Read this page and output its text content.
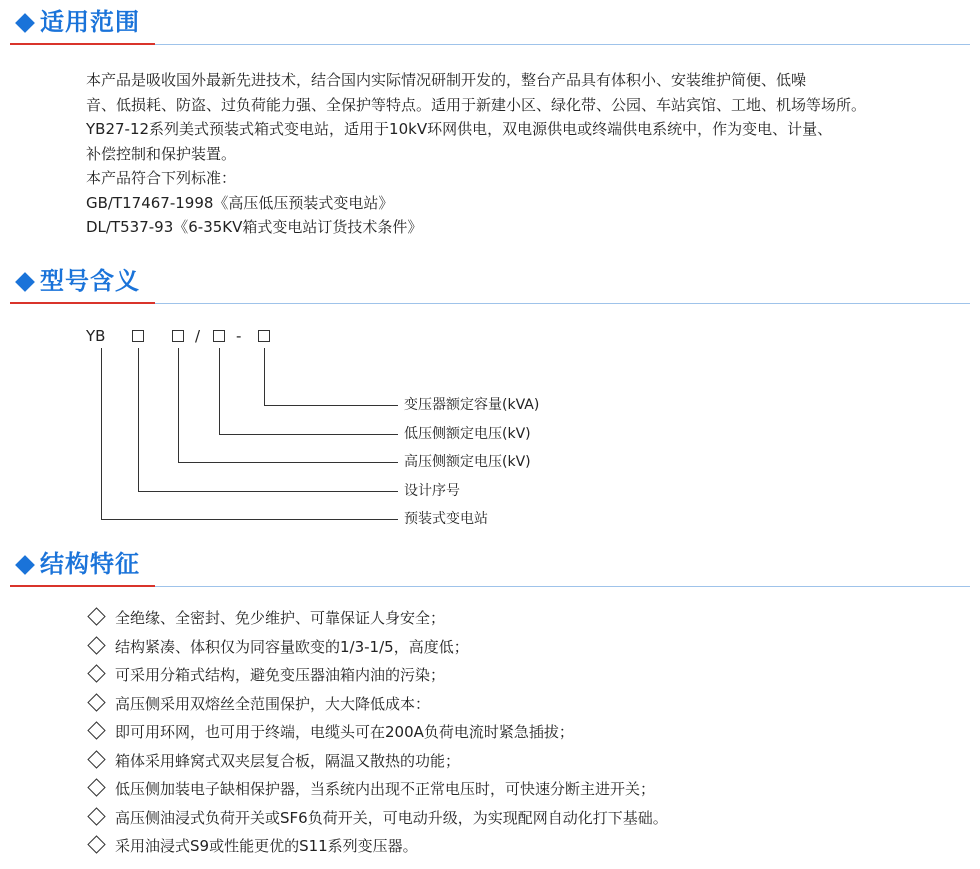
适用范围
本产品是吸收国外最新先进技术，结合国内实际情况研制开发的，整台产品具有体积小、安装维护简便、低噪
音、低损耗、防盗、过负荷能力强、全保护等特点。适用于新建小区、绿化带、公园、车站宾馆、工地、机场等场所。
YB27-12系列美式预装式箱式变电站，适用于10kV环网供电，双电源供电或终端供电系统中，作为变电、计量、
补偿控制和保护装置。
本产品符合下列标准：
GB/T17467-1998《高压低压预装式变电站》
DL/T537-93《6-35KV箱式变电站订货技术条件》
型号含义
YB	/ -
变压器额定容量(kVA)
低压侧额定电压(kV)
高压侧额定电压(kV)
设计序号
预装式变电站
结构特征
全绝缘、全密封、免少维护、可靠保证人身安全；
结构紧凑、体积仅为同容量欧变的1/3-1/5，高度低；
可采用分箱式结构，避免变压器油箱内油的污染；
高压侧采用双熔丝全范围保护，大大降低成本：
即可用环网，也可用于终端，电缆头可在200A负荷电流时紧急插拔；
箱体采用蜂窝式双夹层复合板，隔温又散热的功能；
低压侧加装电子缺相保护器，当系统内出现不正常电压时，可快速分断主进开关；
高压侧油浸式负荷开关或SF6负荷开关，可电动升级，为实现配网自动化打下基础。
采用油浸式S9或性能更优的S11系列变压器。
